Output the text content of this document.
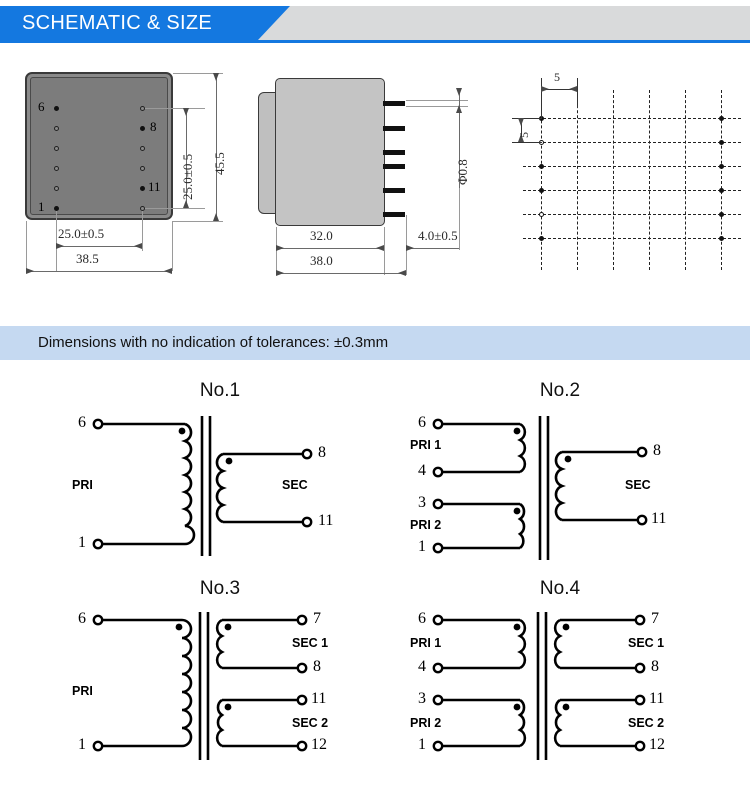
SCHEMATIC & SIZE
6
1
8
11 25.0±0.5 45.5
25.0±0.5
38.5
Φ0.8
32.0
38.0
4.0±0.5
5
5
Dimensions with no indication of tolerances: ±0.3mm
No.1
6
1
8
11
PRI	SEC
No.2
6
4
3
1
8
11
PRI 1
PRI 2
SEC
No.3
6
1
7
8
11
12
PRI
SEC 1
SEC 2
No.4
6
4
3
1
7
8
11
12
PRI 1
PRI 2
SEC 1
SEC 2
